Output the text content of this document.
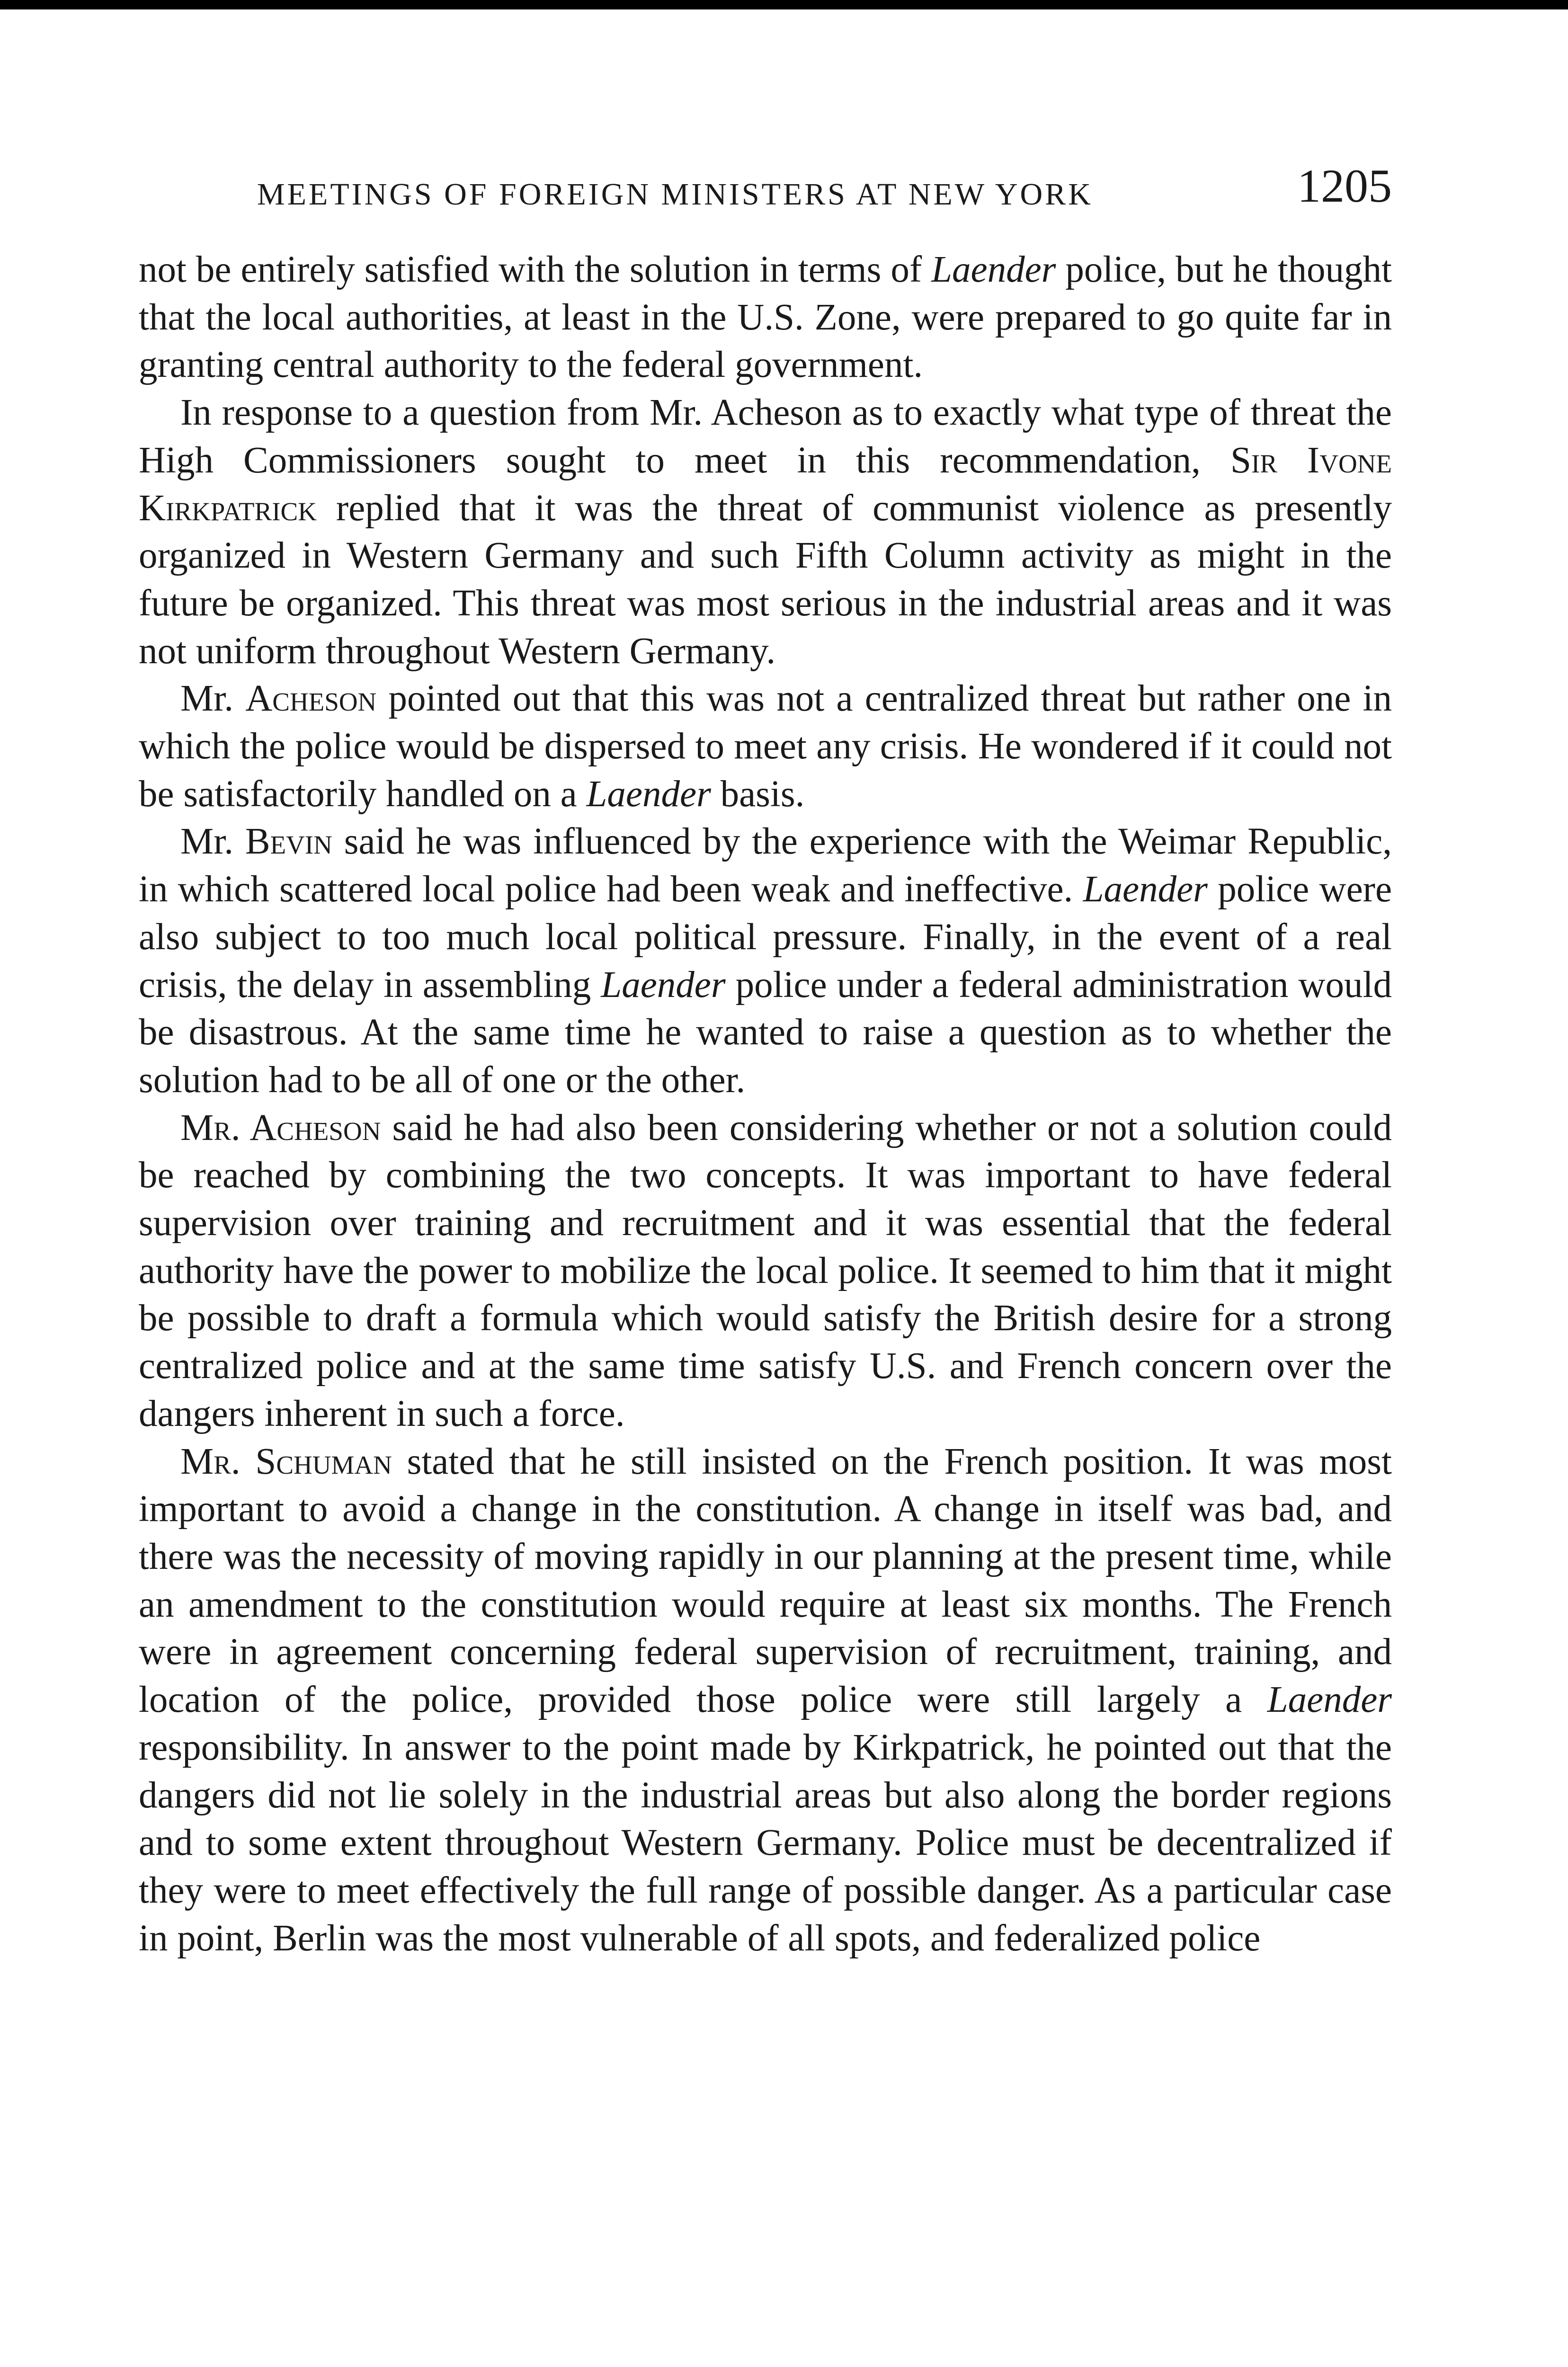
MEETINGS OF FOREIGN MINISTERS AT NEW YORK	1205

not be entirely satisfied with the solution in terms of Laender police, but he thought that the local authorities, at least in the U.S. Zone, were prepared to go quite far in granting central authority to the federal government.

In response to a question from Mr. Acheson as to exactly what type of threat the High Commissioners sought to meet in this recommendation, Sir Ivone Kirkpatrick replied that it was the threat of communist violence as presently organized in Western Germany and such Fifth Column activity as might in the future be organized. This threat was most serious in the industrial areas and it was not uniform throughout Western Germany.

Mr. Acheson pointed out that this was not a centralized threat but rather one in which the police would be dispersed to meet any crisis. He wondered if it could not be satisfactorily handled on a Laender basis.

Mr. Bevin said he was influenced by the experience with the Weimar Republic, in which scattered local police had been weak and ineffective. Laender police were also subject to too much local political pressure. Finally, in the event of a real crisis, the delay in assembling Laender police under a federal administration would be disastrous. At the same time he wanted to raise a question as to whether the solution had to be all of one or the other.

Mr. Acheson said he had also been considering whether or not a solution could be reached by combining the two concepts. It was important to have federal supervision over training and recruitment and it was essential that the federal authority have the power to mobilize the local police. It seemed to him that it might be possible to draft a formula which would satisfy the British desire for a strong centralized police and at the same time satisfy U.S. and French concern over the dangers inherent in such a force.

Mr. Schuman stated that he still insisted on the French position. It was most important to avoid a change in the constitution. A change in itself was bad, and there was the necessity of moving rapidly in our planning at the present time, while an amendment to the constitution would require at least six months. The French were in agreement concerning federal supervision of recruitment, training, and location of the police, provided those police were still largely a Laender responsibility. In answer to the point made by Kirkpatrick, he pointed out that the dangers did not lie solely in the industrial areas but also along the border regions and to some extent throughout Western Germany. Police must be decentralized if they were to meet effectively the full range of possible danger. As a particular case in point, Berlin was the most vulnerable of all spots, and federalized police
